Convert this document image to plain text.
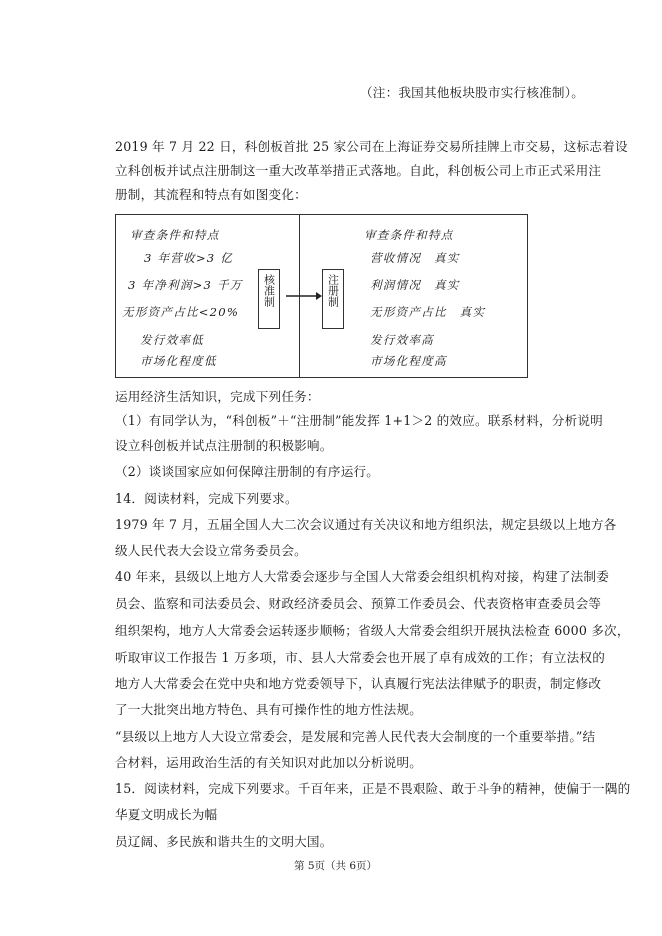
（注：我国其他板块股市实行核准制）。
2019 年 7 月 22 日，科创板首批 25 家公司在上海证券交易所挂牌上市交易，这标志着设
立科创板并试点注册制这一重大改革举措正式落地。自此，科创板公司上市正式采用注
册制，其流程和特点有如图变化：
审查条件和特点
3 年营收>3 亿
3 年净利润>3 千万
无形资产占比<20%
发行效率低
市场化程度低
核准制	注册制
审查条件和特点
营收情况　真实
利润情况　真实
无形资产占比　真实
发行效率高
市场化程度高
运用经济生活知识，完成下列任务：
（1）有同学认为，“科创板”＋“注册制”能发挥 1+1＞2 的效应。联系材料，分析说明
设立科创板并试点注册制的积极影响。
（2）谈谈国家应如何保障注册制的有序运行。
14．阅读材料，完成下列要求。
1979 年 7 月，五届全国人大二次会议通过有关决议和地方组织法，规定县级以上地方各
级人民代表大会设立常务委员会。
40 年来，县级以上地方人大常委会逐步与全国人大常委会组织机构对接，构建了法制委
员会、监察和司法委员会、财政经济委员会、预算工作委员会、代表资格审查委员会等
组织架构，地方人大常委会运转逐步顺畅；省级人大常委会组织开展执法检查 6000 多次，
听取审议工作报告 1 万多项，市、县人大常委会也开展了卓有成效的工作；有立法权的
地方人大常委会在党中央和地方党委领导下，认真履行宪法法律赋予的职责，制定修改
了一大批突出地方特色、具有可操作性的地方性法规。
“县级以上地方人大设立常委会，是发展和完善人民代表大会制度的一个重要举措。”结
合材料，运用政治生活的有关知识对此加以分析说明。
15．阅读材料，完成下列要求。千百年来，正是不畏艰险、敢于斗争的精神，使偏于一隅的
华夏文明成长为幅
员辽阔、多民族和谐共生的文明大国。
第 5页（共 6页）
